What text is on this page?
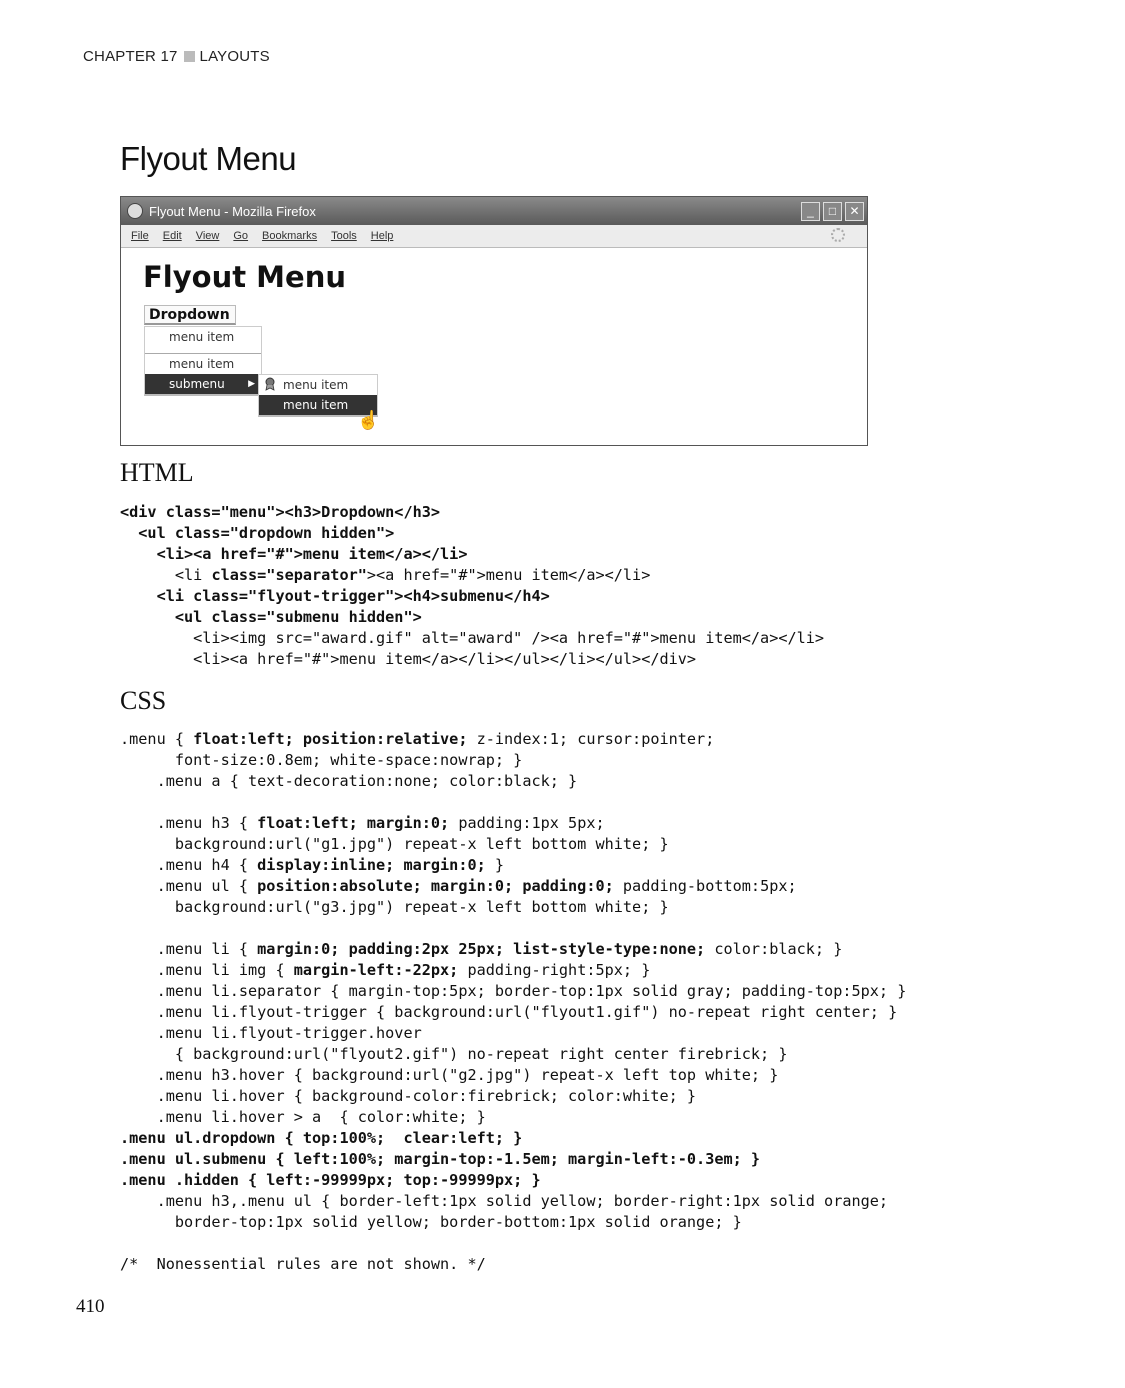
CHAPTER 17 LAYOUTS
Flyout Menu
Flyout Menu - Mozilla Firefox	_	□	✕
File Edit View Go Bookmarks Tools Help
Flyout Menu
Dropdown
menu item
menu item
submenu	▶	menu item
menu item
☝
HTML
<div class="menu"><h3>Dropdown</h3>
<ul class="dropdown hidden">
<li><a href="#">menu item</a></li>
<li class="separator"><a href="#">menu item</a></li>
<li class="flyout-trigger"><h4>submenu</h4>
<ul class="submenu hidden">
<li><img src="award.gif" alt="award" /><a href="#">menu item</a></li>
<li><a href="#">menu item</a></li></ul></li></ul></div>
CSS
.menu { float:left; position:relative; z-index:1; cursor:pointer;
font-size:0.8em; white-space:nowrap; }
.menu a { text-decoration:none; color:black; }
.menu h3 { float:left; margin:0; padding:1px 5px;
background:url("g1.jpg") repeat-x left bottom white; }
.menu h4 { display:inline; margin:0; }
.menu ul { position:absolute; margin:0; padding:0; padding-bottom:5px;
background:url("g3.jpg") repeat-x left bottom white; }
.menu li { margin:0; padding:2px 25px; list-style-type:none; color:black; }
.menu li img { margin-left:-22px; padding-right:5px; }
.menu li.separator { margin-top:5px; border-top:1px solid gray; padding-top:5px; }
.menu li.flyout-trigger { background:url("flyout1.gif") no-repeat right center; }
.menu li.flyout-trigger.hover
{ background:url("flyout2.gif") no-repeat right center firebrick; }
.menu h3.hover { background:url("g2.jpg") repeat-x left top white; }
.menu li.hover { background-color:firebrick; color:white; }
.menu li.hover > a  { color:white; }
.menu ul.dropdown { top:100%;  clear:left; }
.menu ul.submenu { left:100%; margin-top:-1.5em; margin-left:-0.3em; }
.menu .hidden { left:-99999px; top:-99999px; }
.menu h3,.menu ul { border-left:1px solid yellow; border-right:1px solid orange;
border-top:1px solid yellow; border-bottom:1px solid orange; }
/*  Nonessential rules are not shown. */
410
